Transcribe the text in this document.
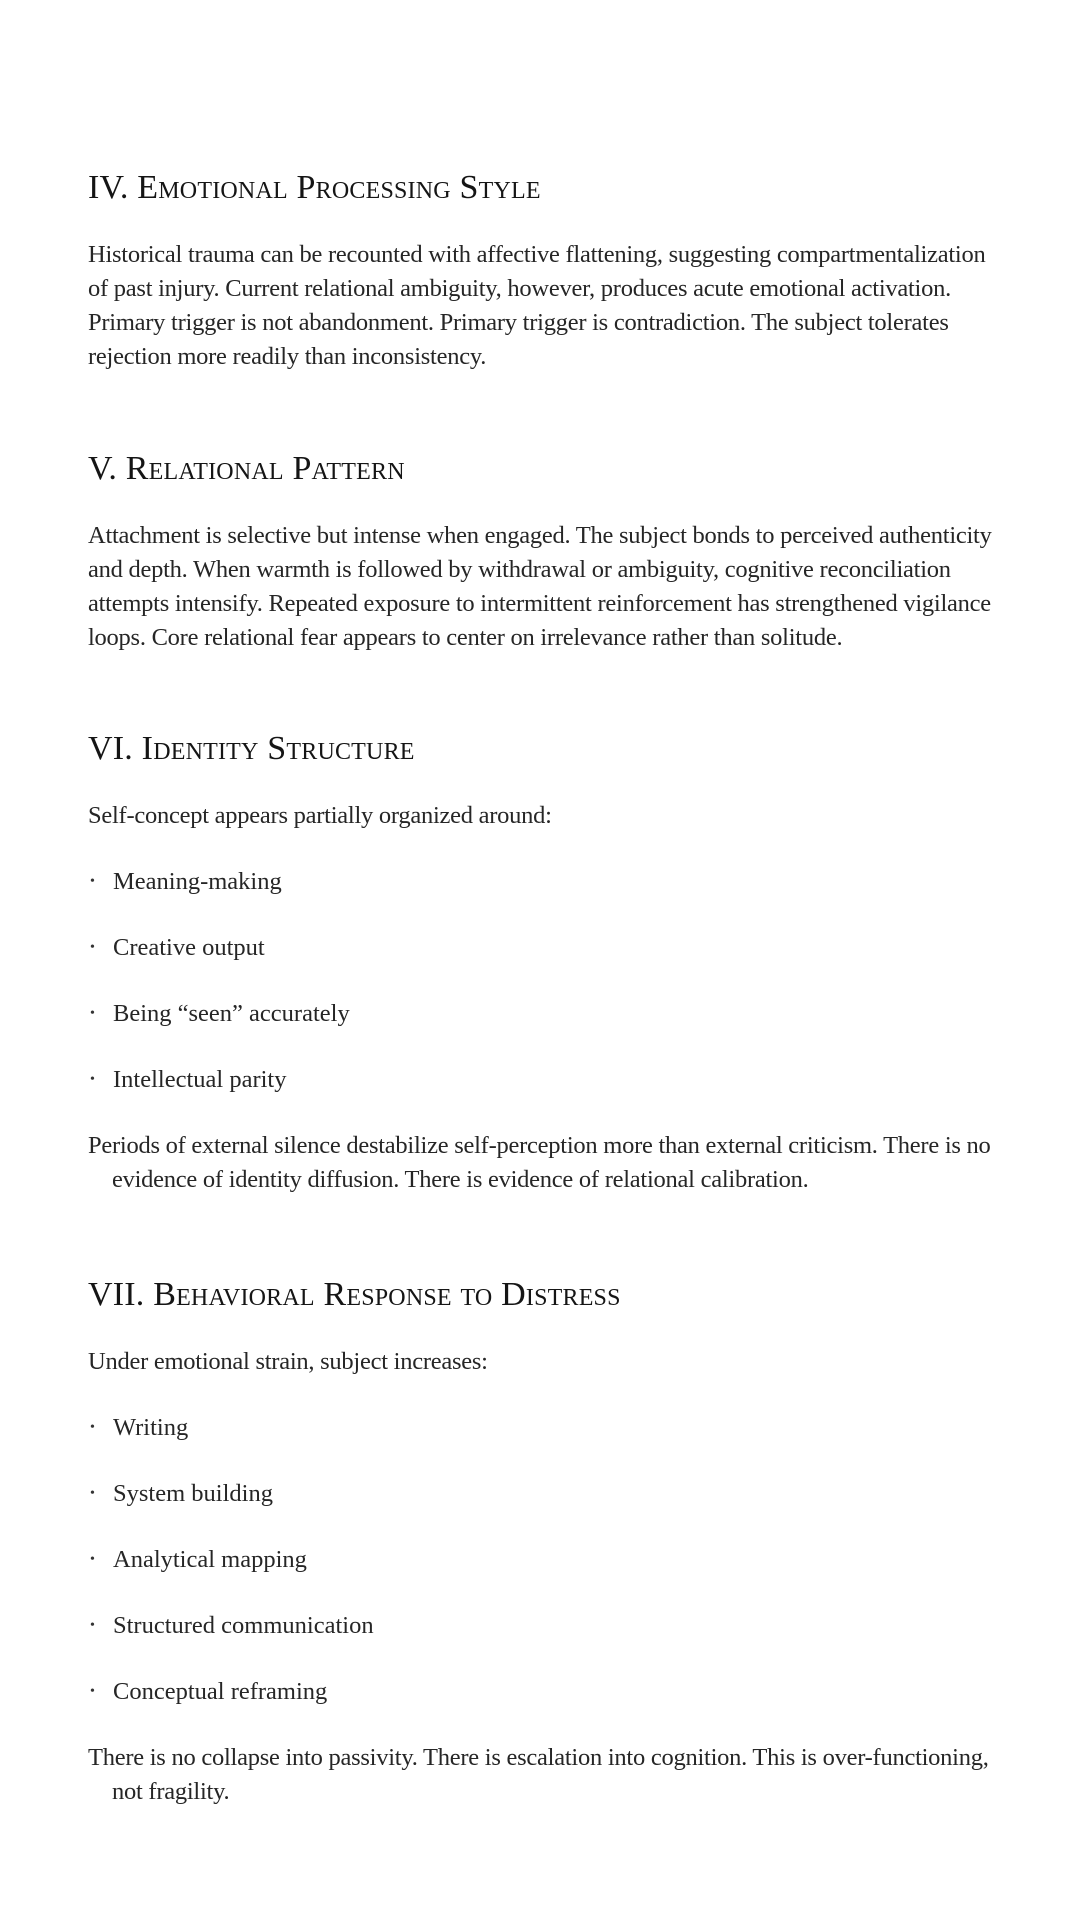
IV. Emotional Processing Style

Historical trauma can be recounted with affective flattening, suggesting compartmentalization of past injury. Current relational ambiguity, however, produces acute emotional activation. Primary trigger is not abandonment. Primary trigger is contradiction. The subject tolerates rejection more readily than inconsistency.

V. Relational Pattern

Attachment is selective but intense when engaged. The subject bonds to perceived authenticity and depth. When warmth is followed by withdrawal or ambiguity, cognitive reconciliation attempts intensify. Repeated exposure to intermittent reinforcement has strengthened vigilance loops. Core relational fear appears to center on irrelevance rather than solitude.

VI. Identity Structure

Self-concept appears partially organized around:

• Meaning-making
• Creative output
• Being “seen” accurately
• Intellectual parity

Periods of external silence destabilize self-perception more than external criticism. There is no evidence of identity diffusion. There is evidence of relational calibration.

VII. Behavioral Response to Distress

Under emotional strain, subject increases:

• Writing
• System building
• Analytical mapping
• Structured communication
• Conceptual reframing

There is no collapse into passivity. There is escalation into cognition. This is over-functioning, not fragility.
